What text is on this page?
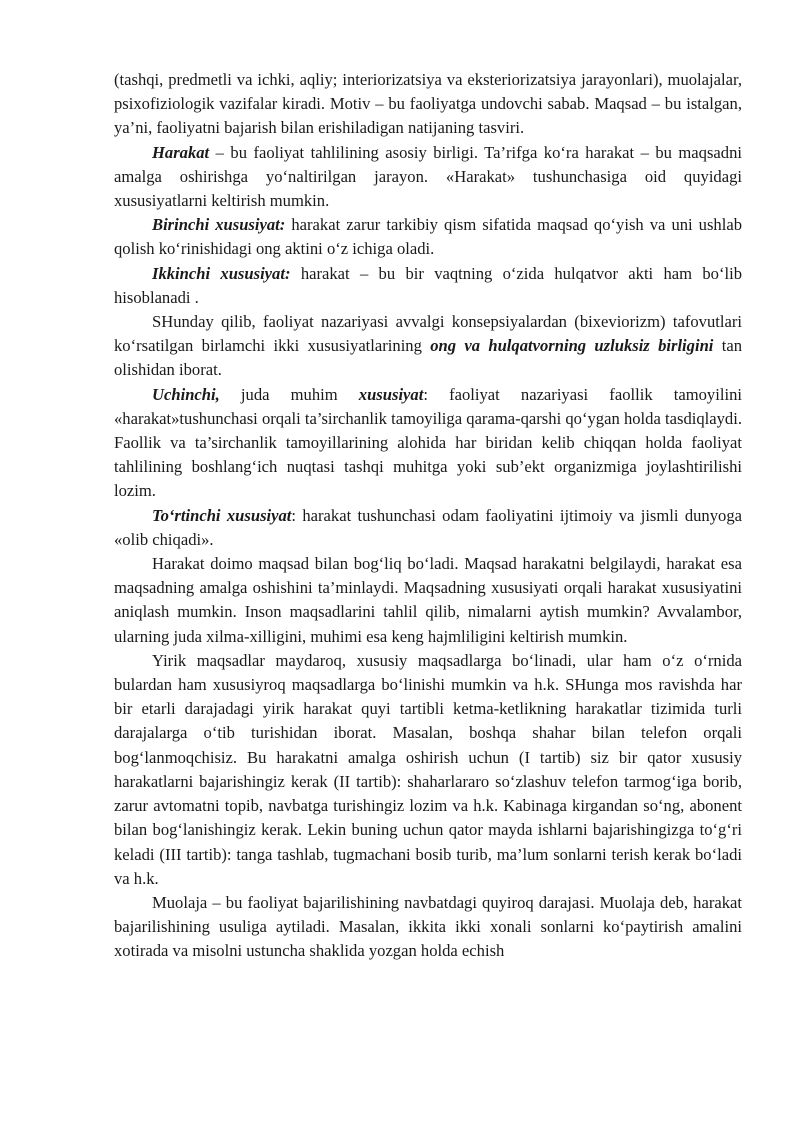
(tashqi, predmetli va ichki, aqliy; interiorizatsiya va eksteriorizatsiya jarayonlari), muolajalar, psixofiziologik vazifalar kiradi. Motiv – bu faoliyatga undovchi sabab. Maqsad – bu istalgan, ya’ni, faoliyatni bajarish bilan erishiladigan natijaning tasviri.

Harakat – bu faoliyat tahlilining asosiy birligi. Ta’rifga ko‘ra harakat – bu maqsadni amalga oshirishga yo‘naltirilgan jarayon. «Harakat» tushunchasiga oid quyidagi xususiyatlarni keltirish mumkin.

Birinchi xususiyat: harakat zarur tarkibiy qism sifatida maqsad qo‘yish va uni ushlab qolish ko‘rinishidagi ong aktini o‘z ichiga oladi.

Ikkinchi xususiyat: harakat – bu bir vaqtning o‘zida hulqatvor akti ham bo‘lib hisoblanadi .

SHunday qilib, faoliyat nazariyasi avvalgi konsepsiyalardan (bixeviorizm) tafovutlari ko‘rsatilgan birlamchi ikki xususiyatlarining ong va hulqatvorning uzluksiz birligini tan olishidan iborat.

Uchinchi, juda muhim xususiyat: faoliyat nazariyasi faollik tamoyilini «harakat»tushunchasi orqali ta’sirchanlik tamoyiliga qarama-qarshi qo‘ygan holda tasdiqlaydi. Faollik va ta’sirchanlik tamoyillarining alohida har biridan kelib chiqqan holda faoliyat tahlilining boshlang‘ich nuqtasi tashqi muhitga yoki sub’ekt organizmiga joylashtirilishi lozim.

To‘rtinchi xususiyat: harakat tushunchasi odam faoliyatini ijtimoiy va jismli dunyoga «olib chiqadi».

Harakat doimo maqsad bilan bog‘liq bo‘ladi. Maqsad harakatni belgilaydi, harakat esa maqsadning amalga oshishini ta’minlaydi. Maqsadning xususiyati orqali harakat xususiyatini aniqlash mumkin. Inson maqsadlarini tahlil qilib, nimalarni aytish mumkin? Avvalambor, ularning juda xilma-xilligini, muhimi esa keng hajmliligini keltirish mumkin.

Yirik maqsadlar maydaroq, xususiy maqsadlarga bo‘linadi, ular ham o‘z o‘rnida bulardan ham xususiyroq maqsadlarga bo‘linishi mumkin va h.k. SHunga mos ravishda har bir etarli darajadagi yirik harakat quyi tartibli ketma-ketlikning harakatlar tizimida turli darajalarga o‘tib turishidan iborat. Masalan, boshqa shahar bilan telefon orqali bog‘lanmoqchisiz. Bu harakatni amalga oshirish uchun (I tartib) siz bir qator xususiy harakatlarni bajarishingiz kerak (II tartib): shaharlararo so‘zlashuv telefon tarmog‘iga borib, zarur avtomatni topib, navbatga turishingiz lozim va h.k. Kabinaga kirgandan so‘ng, abonent bilan bog‘lanishingiz kerak. Lekin buning uchun qator mayda ishlarni bajarishingizga to‘g‘ri keladi (III tartib): tanga tashlab, tugmachani bosib turib, ma’lum sonlarni terish kerak bo‘ladi va h.k.

Muolaja – bu faoliyat bajarilishining navbatdagi quyiroq darajasi. Muolaja deb, harakat bajarilishining usuliga aytiladi. Masalan, ikkita ikki xonali sonlarni ko‘paytirish amalini xotirada va misolni ustuncha shaklida yozgan holda echish
